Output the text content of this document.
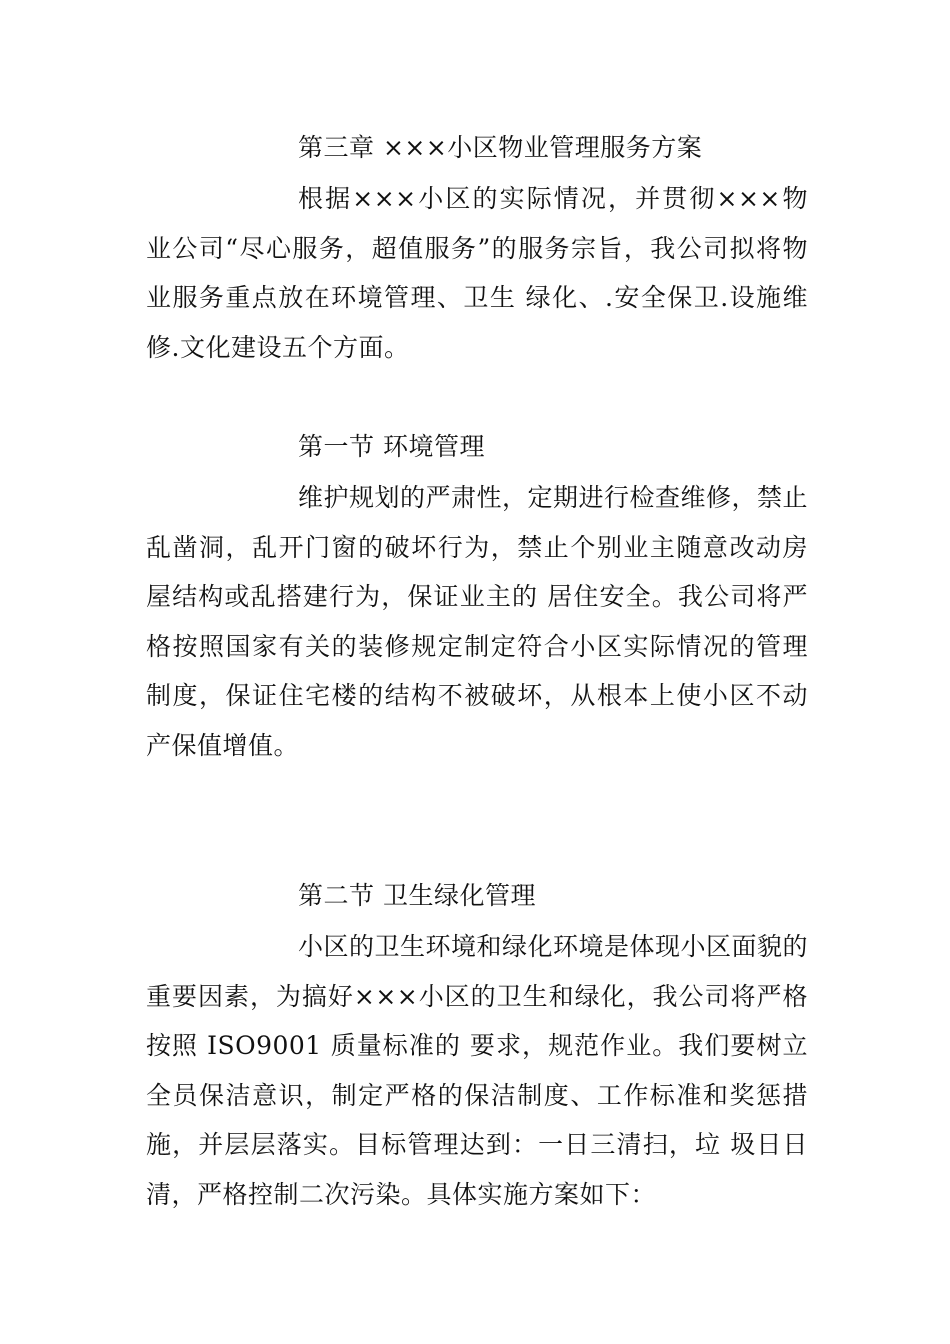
第三章 ×××小区物业管理服务方案
根据×××小区的实际情况，并贯彻×××物业公司“尽心服务，超值服务”的服务宗旨，我公司拟将物业服务重点放在环境管理、卫生 绿化、.安全保卫.设施维修.文化建设五个方面。
第一节 环境管理
维护规划的严肃性，定期进行检查维修，禁止乱凿洞，乱开门窗的破坏行为，禁止个别业主随意改动房屋结构或乱搭建行为，保证业主的 居住安全。我公司将严格按照国家有关的装修规定制定符合小区实际情况的管理制度，保证住宅楼的结构不被破坏，从根本上使小区不动 产保值增值。
第二节 卫生绿化管理
小区的卫生环境和绿化环境是体现小区面貌的重要因素，为搞好×××小区的卫生和绿化，我公司将严格按照 ISO9001 质量标准的 要求，规范作业。我们要树立全员保洁意识，制定严格的保洁制度、工作标准和奖惩措施，并层层落实。目标管理达到：一日三清扫，垃 圾日日清，严格控制二次污染。具体实施方案如下：
